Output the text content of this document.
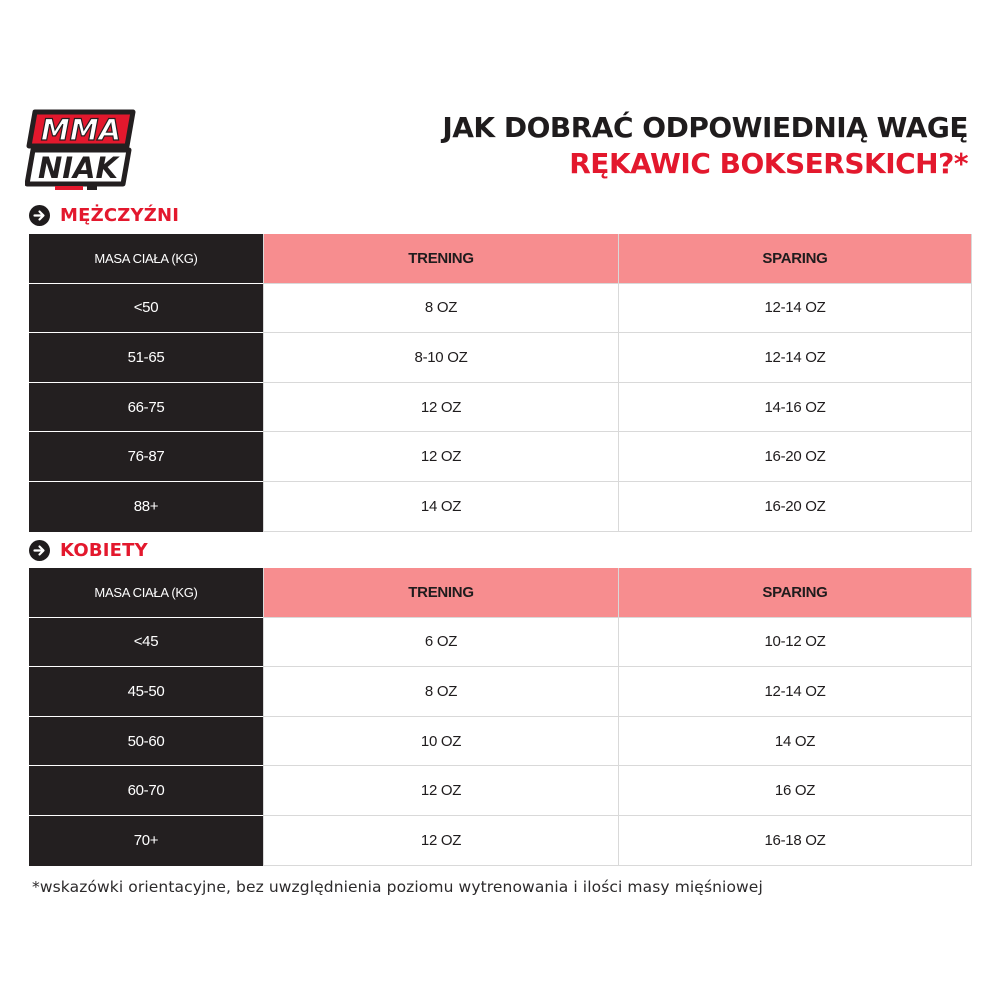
MMA
NIAK
JAK DOBRAĆ ODPOWIEDNIĄ WAGĘ
RĘKAWIC BOKSERSKICH?*
MĘŻCZYŹNI
MASA CIAŁA (KG)	TRENING	SPARING
<50	8 OZ	12-14 OZ
51-65	8-10 OZ	12-14 OZ
66-75	12 OZ	14-16 OZ
76-87	12 OZ	16-20 OZ
88+	14 OZ	16-20 OZ
KOBIETY
MASA CIAŁA (KG)	TRENING	SPARING
<45	6 OZ	10-12 OZ
45-50	8 OZ	12-14 OZ
50-60	10 OZ	14 OZ
60-70	12 OZ	16 OZ
70+	12 OZ	16-18 OZ
*wskazówki orientacyjne, bez uwzględnienia poziomu wytrenowania i ilości masy mięśniowej
